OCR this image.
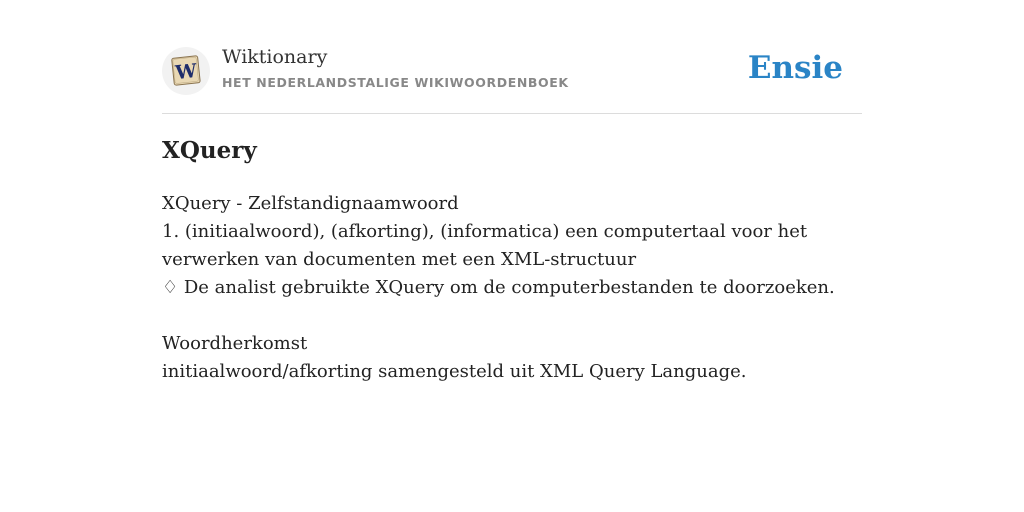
W
Wiktionary
HET NEDERLANDSTALIGE WIKIWOORDENBOEK	Ensie
XQuery
XQuery - Zelfstandignaamwoord
1. (initiaalwoord), (afkorting), (informatica) een computertaal voor het
verwerken van documenten met een XML-structuur
♢ De analist gebruikte XQuery om de computerbestanden te doorzoeken.
Woordherkomst
initiaalwoord/afkorting samengesteld uit XML Query Language.
